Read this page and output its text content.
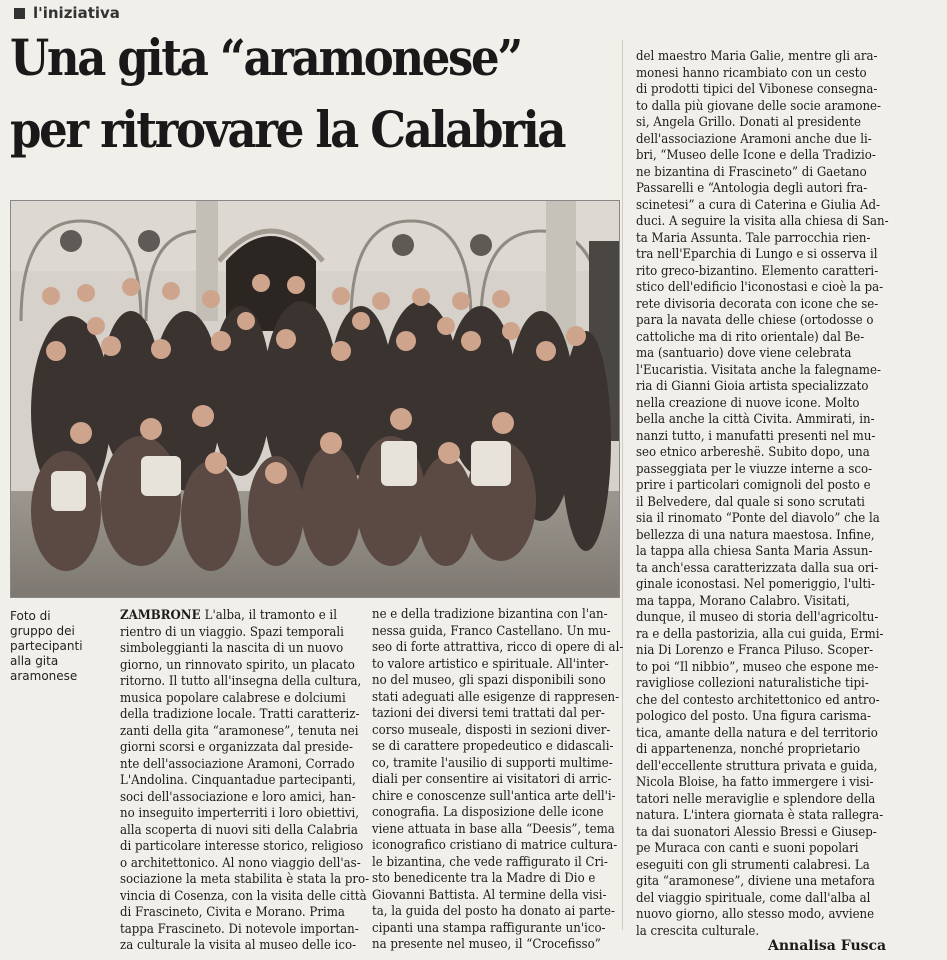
l'iniziativa
Una gita “aramonese”
per ritrovare la Calabria
Foto di
gruppo dei
partecipanti
alla gita
aramonese
ZAMBRONE L'alba, il tramonto e il
rientro di un viaggio. Spazi temporali
simboleggianti la nascita di un nuovo
giorno, un rinnovato spirito, un placato
ritorno. Il tutto all'insegna della cultura,
musica popolare calabrese e dolciumi
della tradizione locale. Tratti caratteriz-
zanti della gita “aramonese”, tenuta nei
giorni scorsi e organizzata dal preside-
nte dell'associazione Aramoni, Corrado
L'Andolina. Cinquantadue partecipanti,
soci dell'associazione e loro amici, han-
no inseguito imperterriti i loro obiettivi,
alla scoperta di nuovi siti della Calabria
di particolare interesse storico, religioso
o architettonico. Al nono viaggio dell'as-
sociazione la meta stabilita è stata la pro-
vincia di Cosenza, con la visita delle città
di Frascineto, Civita e Morano. Prima
tappa Frascineto. Di notevole importan-
za culturale la visita al museo delle ico-
ne e della tradizione bizantina con l'an-
nessa guida, Franco Castellano. Un mu-
seo di forte attrattiva, ricco di opere di al-
to valore artistico e spirituale. All'inter-
no del museo, gli spazi disponibili sono
stati adeguati alle esigenze di rappresen-
tazioni dei diversi temi trattati dal per-
corso museale, disposti in sezioni diver-
se di carattere propedeutico e didascali-
co, tramite l'ausilio di supporti multime-
diali per consentire ai visitatori di arric-
chire e conoscenze sull'antica arte dell'i-
conografia. La disposizione delle icone
viene attuata in base alla “Deesis”, tema
iconografico cristiano di matrice cultura-
le bizantina, che vede raffigurato il Cri-
sto benedicente tra la Madre di Dio e
Giovanni Battista. Al termine della visi-
ta, la guida del posto ha donato ai parte-
cipanti una stampa raffigurante un'ico-
na presente nel museo, il “Crocefisso”
del maestro Maria Galie, mentre gli ara-
monesi hanno ricambiato con un cesto
di prodotti tipici del Vibonese consegna-
to dalla più giovane delle socie aramone-
si, Angela Grillo. Donati al presidente
dell'associazione Aramoni anche due li-
bri, “Museo delle Icone e della Tradizio-
ne bizantina di Frascineto” di Gaetano
Passarelli e “Antologia degli autori fra-
scinetesi” a cura di Caterina e Giulia Ad-
duci. A seguire la visita alla chiesa di San-
ta Maria Assunta. Tale parrocchia rien-
tra nell'Eparchia di Lungo e si osserva il
rito greco-bizantino. Elemento caratteri-
stico dell'edificio l'iconostasi e cioè la pa-
rete divisoria decorata con icone che se-
para la navata delle chiese (ortodosse o
cattoliche ma di rito orientale) dal Be-
ma (santuario) dove viene celebrata
l'Eucaristia. Visitata anche la falegname-
ria di Gianni Gioia artista specializzato
nella creazione di nuove icone. Molto
bella anche la città Civita. Ammirati, in-
nanzi tutto, i manufatti presenti nel mu-
seo etnico arbereshë. Subito dopo, una
passeggiata per le viuzze interne a sco-
prire i particolari comignoli del posto e
il Belvedere, dal quale si sono scrutati
sia il rinomato “Ponte del diavolo” che la
bellezza di una natura maestosa. Infine,
la tappa alla chiesa Santa Maria Assun-
ta anch'essa caratterizzata dalla sua ori-
ginale iconostasi. Nel pomeriggio, l'ulti-
ma tappa, Morano Calabro. Visitati,
dunque, il museo di storia dell'agricoltu-
ra e della pastorizia, alla cui guida, Ermi-
nia Di Lorenzo e Franca Piluso. Scoper-
to poi “Il nibbio”, museo che espone me-
ravigliose collezioni naturalistiche tipi-
che del contesto architettonico ed antro-
pologico del posto. Una figura carisma-
tica, amante della natura e del territorio
di appartenenza, nonché proprietario
dell'eccellente struttura privata e guida,
Nicola Bloise, ha fatto immergere i visi-
tatori nelle meraviglie e splendore della
natura. L'intera giornata è stata rallegra-
ta dai suonatori Alessio Bressi e Giusep-
pe Muraca con canti e suoni popolari
eseguiti con gli strumenti calabresi. La
gita “aramonese”, diviene una metafora
del viaggio spirituale, come dall'alba al
nuovo giorno, allo stesso modo, avviene
la crescita culturale.
Annalisa Fusca
